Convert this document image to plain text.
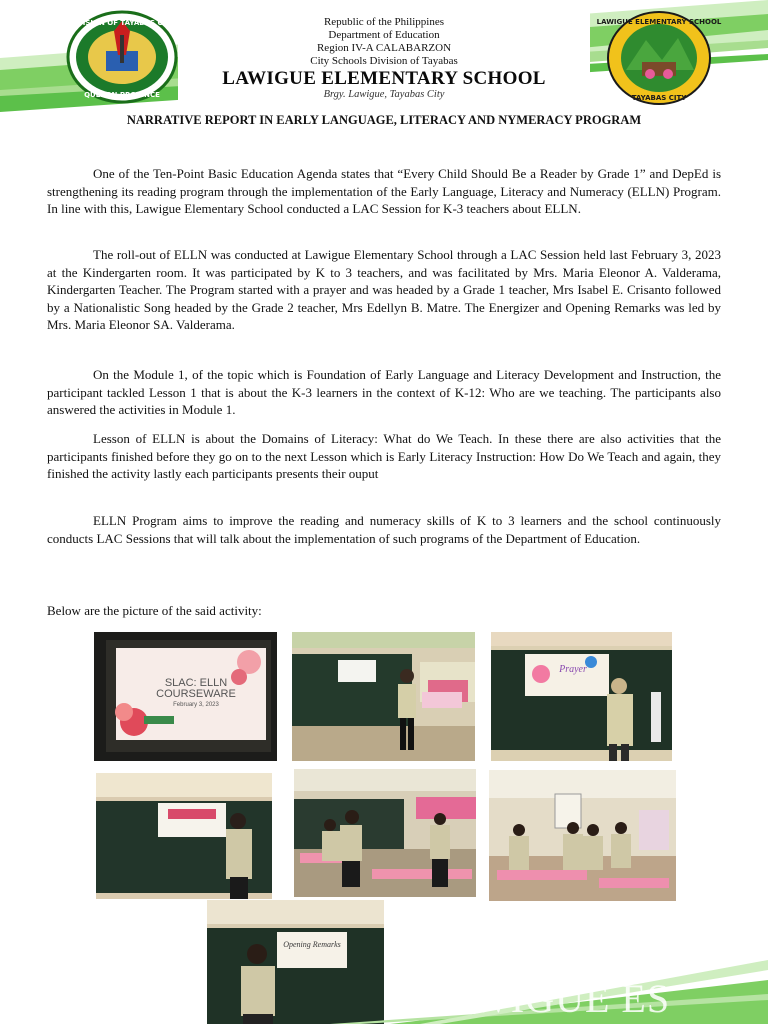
DIVISION OF TAYABAS CITY
QUEZON PROVINCE
LAWIGUE ELEMENTARY SCHOOL
TAYABAS CITY
Republic of the Philippines
Department of Education
Region IV-A CALABARZON
City Schools Division of Tayabas
LAWIGUE ELEMENTARY SCHOOL
Brgy. Lawigue, Tayabas City
NARRATIVE REPORT IN EARLY LANGUAGE, LITERACY AND NYMERACY PROGRAM

One of the Ten-Point Basic Education Agenda states that “Every Child Should Be a Reader by Grade 1” and DepEd is strengthening its reading program through the implementation of the Early Language, Literacy and Numeracy (ELLN) Program. In line with this, Lawigue Elementary School conducted a LAC Session for K-3 teachers about ELLN.

The roll-out of ELLN was conducted at Lawigue Elementary School through a LAC Session held last February 3, 2023 at the Kindergarten room. It was participated by K to 3 teachers, and was facilitated by Mrs. Maria Eleonor A. Valderama, Kindergarten Teacher. The Program started with a prayer and was headed by a Grade 1 teacher, Mrs Isabel E. Crisanto followed by a Nationalistic Song headed by the Grade 2 teacher, Mrs Edellyn B. Matre. The Energizer and Opening Remarks was led by Mrs. Maria Eleonor SA. Valderama.

On the Module 1, of the topic which is Foundation of Early Language and Literacy Development and Instruction, the participant tackled Lesson 1 that is about the K-3 learners in the context of K-12: Who are we teaching. The participants also answered the activities in Module 1.

Lesson of ELLN is about the Domains of Literacy: What do We Teach. In these there are also activities that the participants finished before they go on to the next Lesson which is Early Literacy Instruction: How Do We Teach and again, they finished the activity lastly each participants presents their ouput

ELLN Program aims to improve the reading and numeracy skills of K to 3 learners and the school continuously conducts LAC Sessions that will talk about the implementation of such programs of the Department of Education.

Below are the picture of the said activity:
SLAC: ELLN COURSEWARE
February 3, 2023
Prayer
Opening Remarks
LAWIGUE ES
